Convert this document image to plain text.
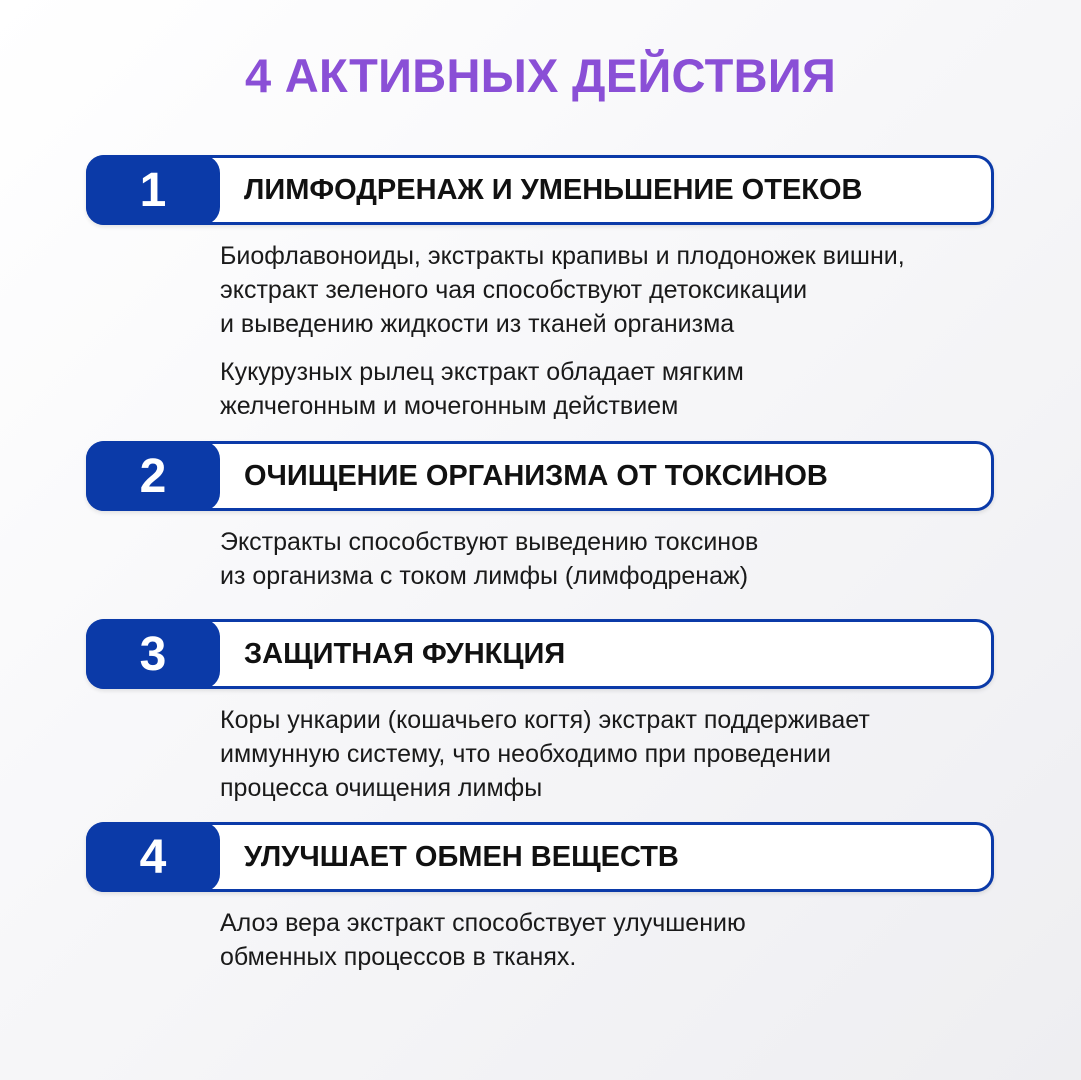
4 АКТИВНЫХ ДЕЙСТВИЯ
1	ЛИМФОДРЕНАЖ И УМЕНЬШЕНИЕ ОТЕКОВ
Биофлавоноиды, экстракты крапивы и плодоножек вишни,
экстракт зеленого чая способствуют детоксикации
и выведению жидкости из тканей организма
Кукурузных рылец экстракт обладает мягким
желчегонным и мочегонным действием
2	ОЧИЩЕНИЕ ОРГАНИЗМА ОТ ТОКСИНОВ
Экстракты способствуют выведению токсинов
из организма с током лимфы (лимфодренаж)
3	ЗАЩИТНАЯ ФУНКЦИЯ
Коры ункарии (кошачьего когтя) экстракт поддерживает
иммунную систему, что необходимо при проведении
процесса очищения лимфы
4	УЛУЧШАЕТ ОБМЕН ВЕЩЕСТВ
Алоэ вера экстракт способствует улучшению
обменных процессов в тканях.
